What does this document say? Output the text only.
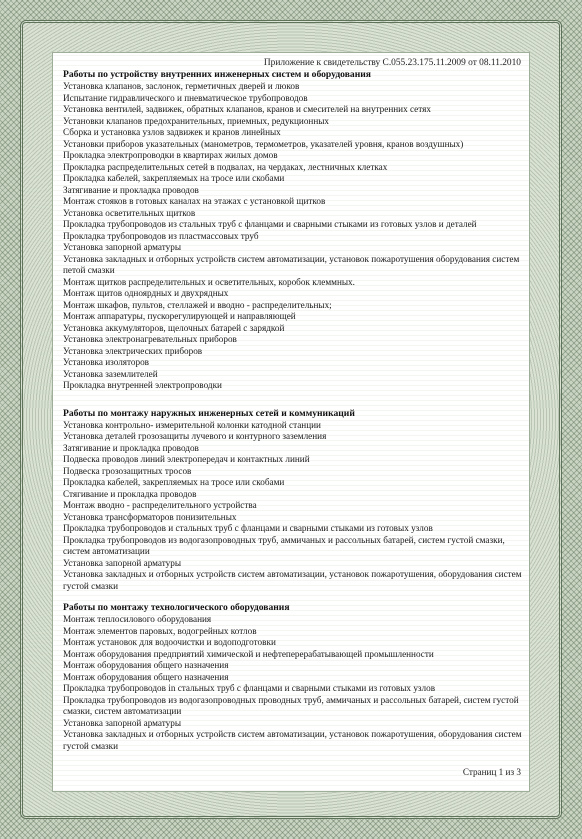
Приложение к свидетельству С.055.23.175.11.2009 от 08.11.2010
Работы по устройству внутренних инженерных систем и оборудования
Установка клапанов, заслонок, герметичных дверей и люков
Испытание гидравлического и пневматическое трубопроводов
Установка вентилей, задвижек, обратных клапанов, кранов и смесителей на внутренних сетях
Установки клапанов предохранительных, приемных, редукционных
Сборка и установка узлов задвижек и кранов линейных
Установки приборов указательных (манометров, термометров, указателей уровня, кранов воздушных)
Прокладка электропроводки в квартирах жилых домов
Прокладка распределительных сетей в подвалах, на чердаках, лестничных клетках
Прокладка кабелей, закрепляемых на тросе или скобами
Затягивание и прокладка проводов
Монтаж стояков в готовых каналах на этажах с установкой щитков
Установка осветительных щитков
Прокладка трубопроводов из стальных труб с фланцами и сварными стыками из готовых узлов и деталей
Прокладка трубопроводов из пластмассовых труб
Установка запорной арматуры
Установка закладных и отборных устройств систем автоматизации, установок пожаротушения оборудования систем петой смазки
Монтаж щитков распределительных и осветительных, коробок клеммных.
Монтаж щитов одноярдных и двухрядных
Монтаж шкафов, пультов, стеллажей и вводно - распределительных;
Монтаж аппаратуры, пускорегулирующей и направляющей
Установка аккумуляторов, щелочных батарей с зарядкой
Установка электронагревательных приборов
Установка электрических приборов
Установка изоляторов
Установка заземлителей
Прокладка внутренней электропроводки
Работы по монтажу наружных инженерных сетей и коммуникаций
Установка контрольно- измерительной колонки катодной станции
Установка деталей грозозащиты лучевого и контурного заземления
Затягивание и прокладка проводов
Подвеска проводов линий электропередач и контактных линий
Подвеска грозозащитных тросов
Прокладка кабелей, закрепляемых на тросе или скобами
Стягивание и прокладка проводов
Монтаж вводно - распределительного устройства
Установка трансформаторов понизительных
Прокладка трубопроводов и стальных труб с фланцами и сварными стыками из готовых узлов
Прокладка трубопроводов из водогазопроводных труб, аммичаных и рассольных батарей, систем густой смазки, систем автоматизации
Установка запорной арматуры
Установка закладных и отборных устройств систем автоматизации, установок пожаротушения, оборудования систем густой смазки
Работы по монтажу технологического оборудования
Монтаж теплосилового оборудования
Монтаж элементов паровых, водогрейных котлов
Монтаж установок для водоочистки и водоподготовки
Монтаж оборудования предприятий химической и нефтеперерабатывающей промышленности
Монтаж оборудования общего назначения
Монтаж оборудования общего назначения
Прокладка трубопроводов in стальных труб с фланцами и сварными стыками из готовых узлов
Прокладка трубопроводов из водогазопроводных проводных труб, аммичаных и рассольных батарей, систем густой смазки, систем автоматизации
Установка запорной арматуры
Установка закладных и отборных устройств систем автоматизации, установок пожаротушения, оборудования систем густой смазки
Страниц 1 из 3
